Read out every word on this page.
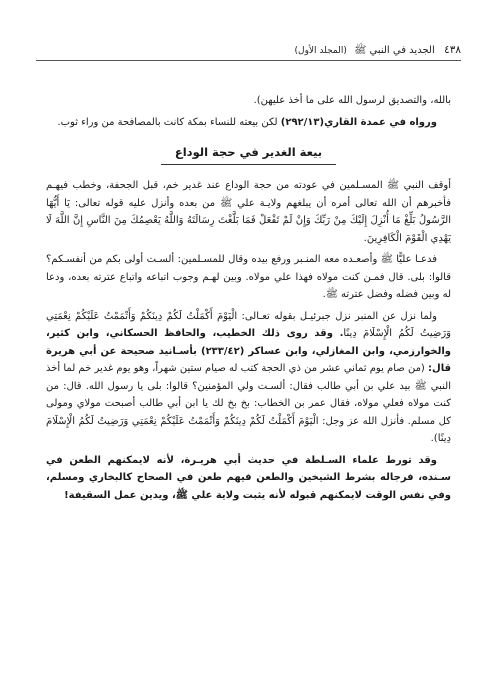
٤٣٨ الجديد في النبي ﷺ (المجلد الأول)

بالله، والتصديق لرسول الله على ما أخذ عليهن).

ورواه في عمدة القاري(٢٩٢/١٣) لكن بيعته للنساء بمكة كانت بالمصافحة من وراء ثوب.

بيعة الغدير في حجة الوداع

أوقف النبي ﷺ المسـلمين في عودته من حجة الوداع عند غدير خم، قبل الجحفة، وخطب فيهـم فأخبرهم أن الله تعالى أمره أن يبلغهم ولايـة علي ﷺ من بعده وأنزل عليه قوله تعالى: يَا أَيُّهَا الرَّسُولُ بَلِّغْ مَا أُنْزِلَ إِلَيْكَ مِنْ رَبِّكَ وَإِنْ لَمْ تَفْعَلْ فَمَا بَلَّغْتَ رِسَالَتَهُ وَاللَّهُ يَعْصِمُكَ مِنَ النَّاسِ إِنَّ اللَّهَ لَا يَهْدِي الْقَوْمَ الْكَافِرِينَ.

فدعـا عليًّا ﷺ وأصعـده معه المنـبر ورفع بيده وقال للمسـلمين: ألسـت أولى بكم من أنفسـكم؟ قالوا: بلى. قال فمـن كنت مولاه فهذا علي مولاه. وبين لهـم وجوب اتباعه واتباع عترته بعده، ودعا له وبين فضله وفضل عترته ﷺ.

ولما نزل عن المنبر نزل جبرئيـل بقوله تعـالى: الْيَوْمَ أَكْمَلْتُ لَكُمْ دِينَكُمْ وَأَتْمَمْتُ عَلَيْكُمْ نِعْمَتِي وَرَضِيتُ لَكُمُ الْإِسْلَامَ دِينًا. وقد روى ذلك الخطيب، والحافظ الحسكاني، وابن كثير، والخوارزمي، وابن المغازلي، وابن عساكر (٢٣٣/٤٢) بأسـانيد صحيحة عن أبي هريرة قال: (من صام يوم ثماني عشر من ذي الحجة كتب له صيام ستين شهراً، وهو يوم غدير خم لما أخذ النبي ﷺ بيد علي بن أبي طالب فقال: ألسـت ولي المؤمنين؟ قالوا: بلى يا رسول الله. قال: من كنت مولاه فعلي مولاه، فقال عمر بن الخطاب: بخ بخ لك يا ابن أبي طالب أصبحت مولاي ومولى كل مسلم. فأنزل الله عز وجل: الْيَوْمَ أَكْمَلْتُ لَكُمْ دِينَكُمْ وَأَتْمَمْتُ عَلَيْكُمْ نِعْمَتِي وَرَضِيتُ لَكُمُ الْإِسْلَامَ دِينًا).

وقد تورط علماء السـلطة في حديث أبي هريـرة، لأنه لايمكنهم الطعن في سـنده، فرجاله بشرط الشيخين والطعن فيهم طعن في الصحاح كالبخاري ومسلم، وفي نفس الوقت لايمكنهم قبوله لأنه يثبت ولاية علي ﷺ، ويدين عمل السقيفة!
